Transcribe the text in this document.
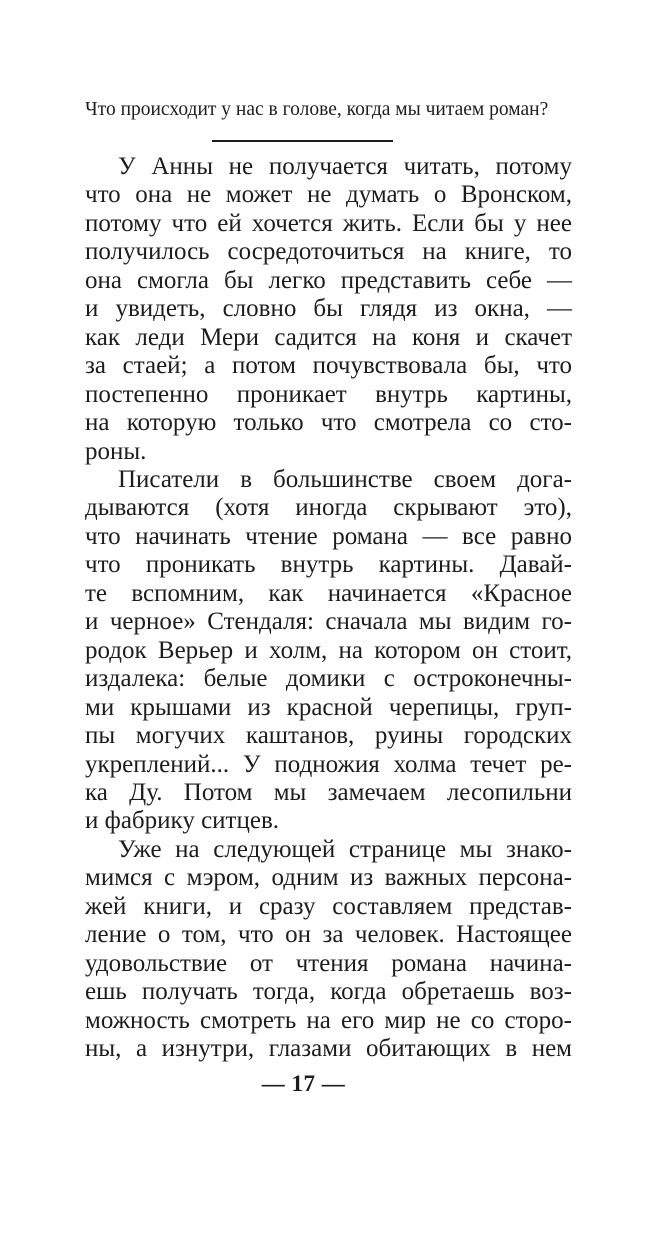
Что происходит у нас в голове, когда мы читаем роман?

У Анны не получается читать, потому
что она не может не думать о Вронском,
потому что ей хочется жить. Если бы у нее
получилось сосредоточиться на книге, то
она смогла бы легко представить себе —
и увидеть, словно бы глядя из окна, —
как леди Мери садится на коня и скачет
за стаей; а потом почувствовала бы, что
постепенно проникает внутрь картины,
на которую только что смотрела со сто-
роны.

Писатели в большинстве своем дога-
дываются (хотя иногда скрывают это),
что начинать чтение романа — все равно
что проникать внутрь картины. Давай-
те вспомним, как начинается «Красное
и черное» Стендаля: сначала мы видим го-
родок Верьер и холм, на котором он стоит,
издалека: белые домики с остроконечны-
ми крышами из красной черепицы, груп-
пы могучих каштанов, руины городских
укреплений... У подножия холма течет ре-
ка Ду. Потом мы замечаем лесопильни
и фабрику ситцев.

Уже на следующей странице мы знако-
мимся с мэром, одним из важных персона-
жей книги, и сразу составляем представ-
ление о том, что он за человек. Настоящее
удовольствие от чтения романа начина-
ешь получать тогда, когда обретаешь воз-
можность смотреть на его мир не со сторо-
ны, а изнутри, глазами обитающих в нем

— 17 —
